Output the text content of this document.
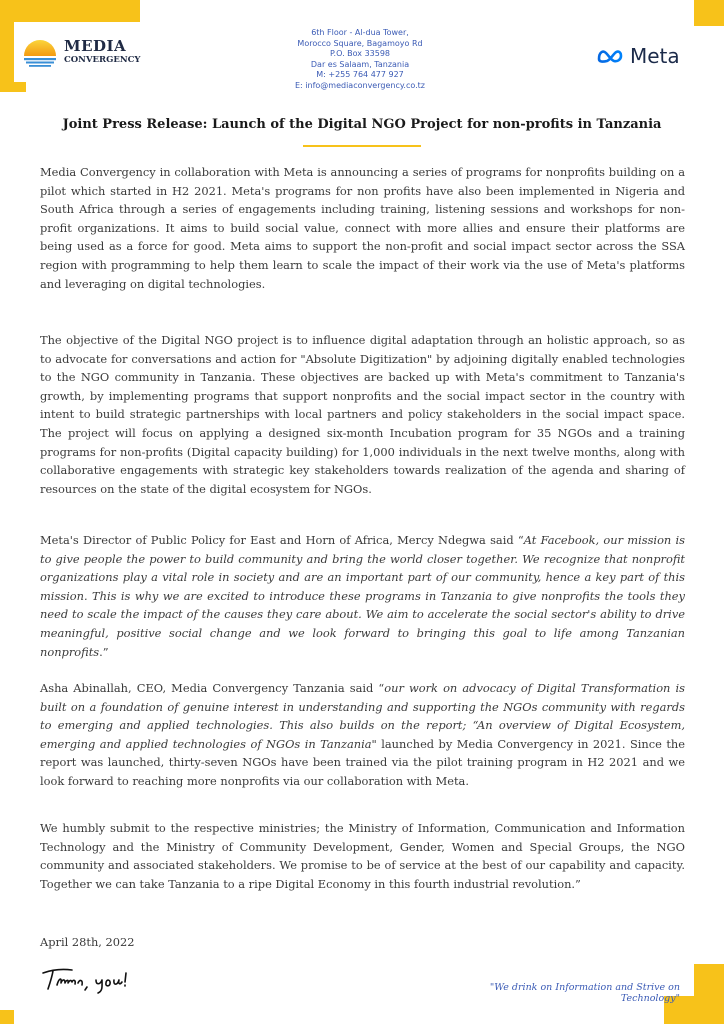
MEDIA
CONVERGENCY
6th Floor - Al-dua Tower,
Morocco Square, Bagamoyo Rd
P.O. Box 33598
Dar es Salaam, Tanzania
M: +255 764 477 927
E: info@mediaconvergency.co.tz
Meta
Joint Press Release: Launch of the Digital NGO Project for non-profits in Tanzania

Media Convergency in collaboration with Meta is announcing a series of programs for nonprofits building on a pilot which started in H2 2021. Meta's programs for non profits have also been implemented in Nigeria and South Africa through a series of engagements including training, listening sessions and workshops for non-profit organizations. It aims to build social value, connect with more allies and ensure their platforms are being used as a force for good. Meta aims to support the non-profit and social impact sector across the SSA region with programming to help them learn to scale the impact of their work via the use of Meta's platforms and leveraging on digital technologies.

The objective of the Digital NGO project is to influence digital adaptation through an holistic approach, so as to advocate for conversations and action for "Absolute Digitization" by adjoining digitally enabled technologies to the NGO community in Tanzania. These objectives are backed up with Meta's commitment to Tanzania's growth, by implementing programs that support nonprofits and the social impact sector in the country with intent to build strategic partnerships with local partners and policy stakeholders in the social impact space. The project will focus on applying a designed six-month Incubation program for 35 NGOs and a training programs for non-profits (Digital capacity building) for 1,000 individuals in the next twelve months, along with collaborative engagements with strategic key stakeholders towards realization of the agenda and sharing of resources on the state of the digital ecosystem for NGOs.

Meta's Director of Public Policy for East and Horn of Africa, Mercy Ndegwa said “At Facebook, our mission is to give people the power to build community and bring the world closer together. We recognize that nonprofit organizations play a vital role in society and are an important part of our community, hence a key part of this mission. This is why we are excited to introduce these programs in Tanzania to give nonprofits the tools they need to scale the impact of the causes they care about. We aim to accelerate the social sector's ability to drive meaningful, positive social change and we look forward to bringing this goal to life among Tanzanian nonprofits.”

Asha Abinallah, CEO, Media Convergency Tanzania said “our work on advocacy of Digital Transformation is built on a foundation of genuine interest in understanding and supporting the NGOs community with regards to emerging and applied technologies. This also builds on the report; “An overview of Digital Ecosystem, emerging and applied technologies of NGOs in Tanzania" launched by Media Convergency in 2021. Since the report was launched, thirty-seven NGOs have been trained via the pilot training program in H2 2021 and we look forward to reaching more nonprofits via our collaboration with Meta.

We humbly submit to the respective ministries; the Ministry of Information, Communication and Information Technology and the Ministry of Community Development, Gender, Women and Special Groups, the NGO community and associated stakeholders. We promise to be of service at the best of our capability and capacity. Together we can take Tanzania to a ripe Digital Economy in this fourth industrial revolution.”

April 28th, 2022
"We drink on Information and Strive on Technology"
